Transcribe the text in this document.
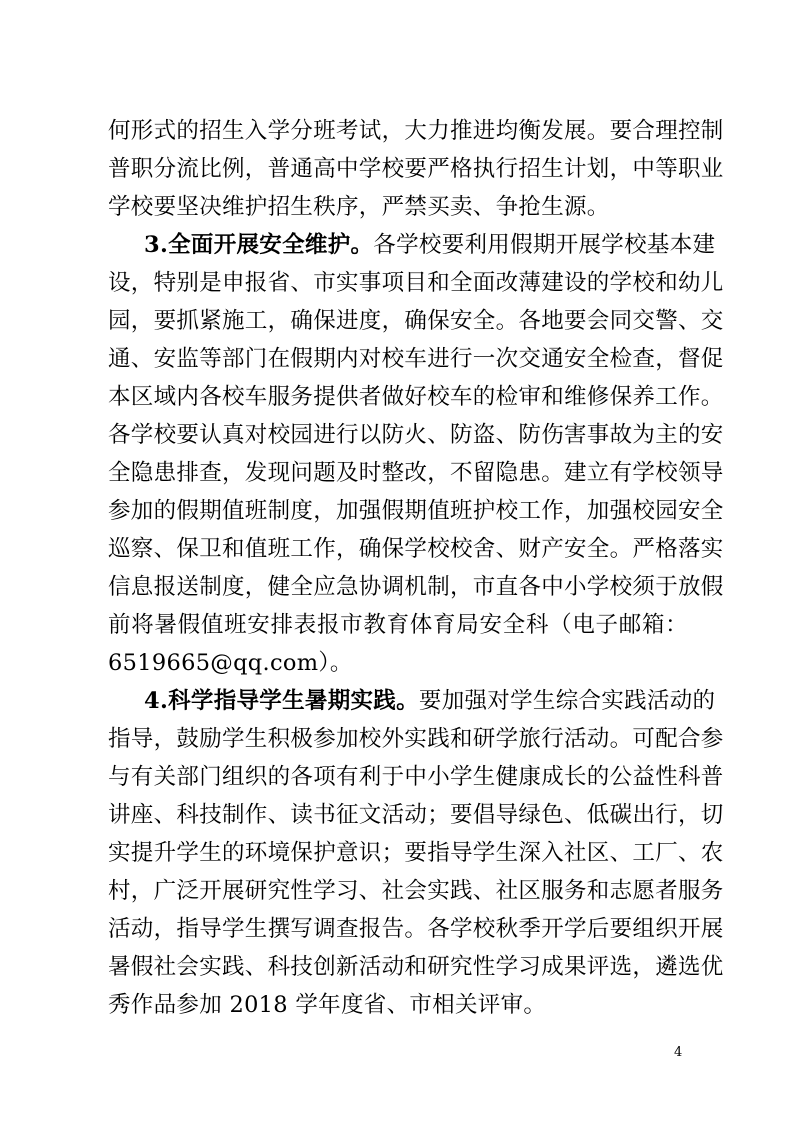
何形式的招生入学分班考试，大力推进均衡发展。要合理控制
普职分流比例，普通高中学校要严格执行招生计划，中等职业
学校要坚决维护招生秩序，严禁买卖、争抢生源。
3.全面开展安全维护。各学校要利用假期开展学校基本建
设，特别是申报省、市实事项目和全面改薄建设的学校和幼儿
园，要抓紧施工，确保进度，确保安全。各地要会同交警、交
通、安监等部门在假期内对校车进行一次交通安全检查，督促
本区域内各校车服务提供者做好校车的检审和维修保养工作。
各学校要认真对校园进行以防火、防盗、防伤害事故为主的安
全隐患排查，发现问题及时整改，不留隐患。建立有学校领导
参加的假期值班制度，加强假期值班护校工作，加强校园安全
巡察、保卫和值班工作，确保学校校舍、财产安全。严格落实
信息报送制度，健全应急协调机制，市直各中小学校须于放假
前将暑假值班安排表报市教育体育局安全科（电子邮箱：
6519665@qq.com）。
4.科学指导学生暑期实践。要加强对学生综合实践活动的
指导，鼓励学生积极参加校外实践和研学旅行活动。可配合参
与有关部门组织的各项有利于中小学生健康成长的公益性科普
讲座、科技制作、读书征文活动；要倡导绿色、低碳出行，切
实提升学生的环境保护意识；要指导学生深入社区、工厂、农
村，广泛开展研究性学习、社会实践、社区服务和志愿者服务
活动，指导学生撰写调查报告。各学校秋季开学后要组织开展
暑假社会实践、科技创新活动和研究性学习成果评选，遴选优
秀作品参加 2018 学年度省、市相关评审。
4
